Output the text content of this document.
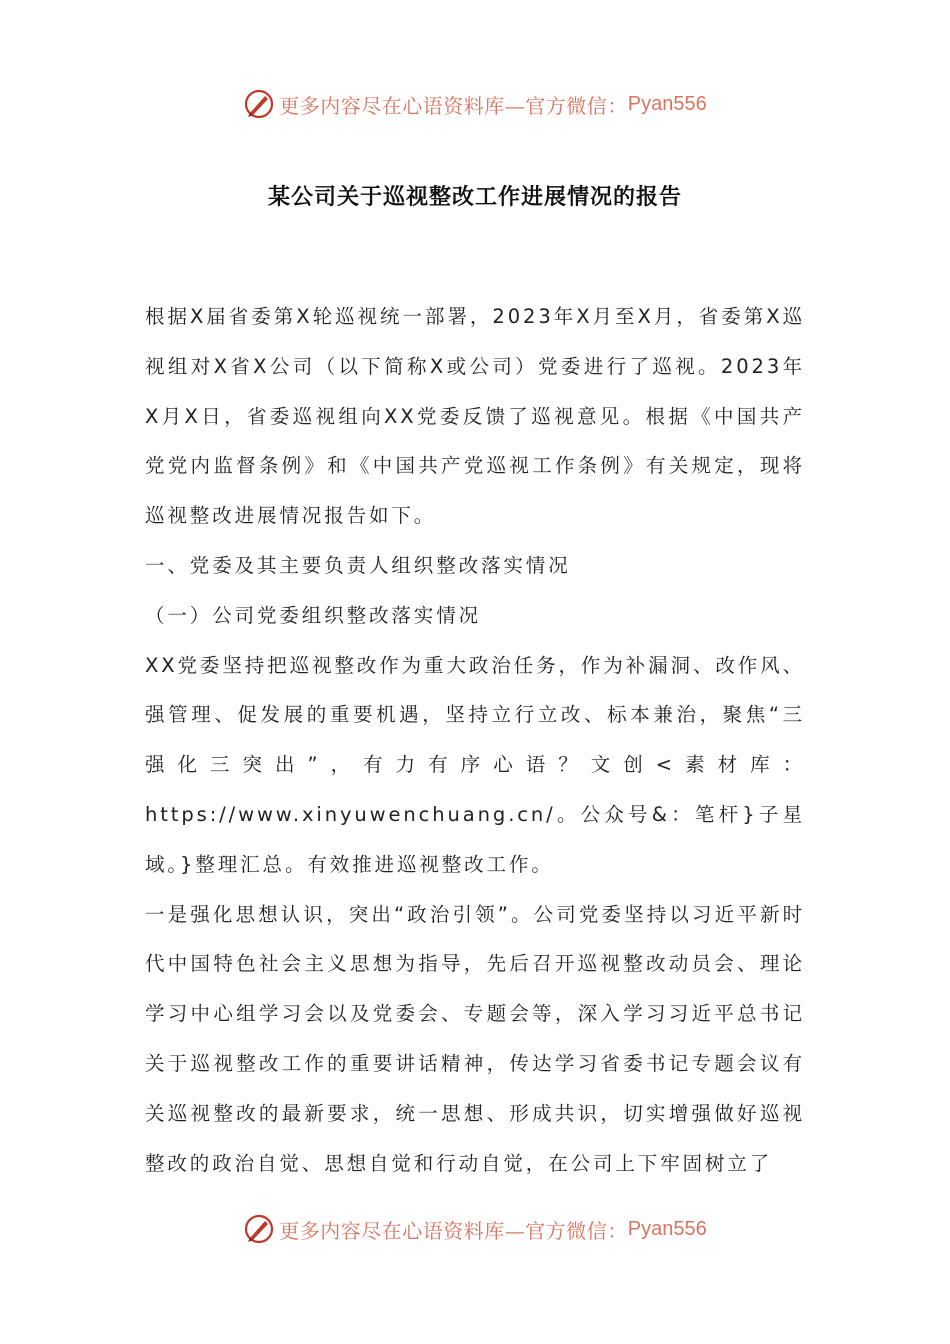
更多内容尽在心语资料库—官方微信： Pyan556
某公司关于巡视整改工作进展情况的报告

根据X届省委第X轮巡视统一部署，2023年X月至X月，省委第X巡视组对X省X公司（以下简称X或公司）党委进行了巡视。2023年X月X日，省委巡视组向XX党委反馈了巡视意见。根据《中国共产党党内监督条例》和《中国共产党巡视工作条例》有关规定，现将巡视整改进展情况报告如下。

一、党委及其主要负责人组织整改落实情况

（一）公司党委组织整改落实情况

XX党委坚持把巡视整改作为重大政治任务，作为补漏洞、改作风、强管理、促发展的重要机遇，坚持立行立改、标本兼治，聚焦“三强化三突出”，有力有序心语？文创<素材库：https://www.xinyuwenchuang.cn/。公众号&：笔杆}子星域。}整理汇总。有效推进巡视整改工作。

一是强化思想认识，突出“政治引领”。公司党委坚持以习近平新时代中国特色社会主义思想为指导，先后召开巡视整改动员会、理论学习中心组学习会以及党委会、专题会等，深入学习习近平总书记关于巡视整改工作的重要讲话精神，传达学习省委书记专题会议有关巡视整改的最新要求，统一思想、形成共识，切实增强做好巡视整改的政治自觉、思想自觉和行动自觉，在公司上下牢固树立了

更多内容尽在心语资料库—官方微信： Pyan556
